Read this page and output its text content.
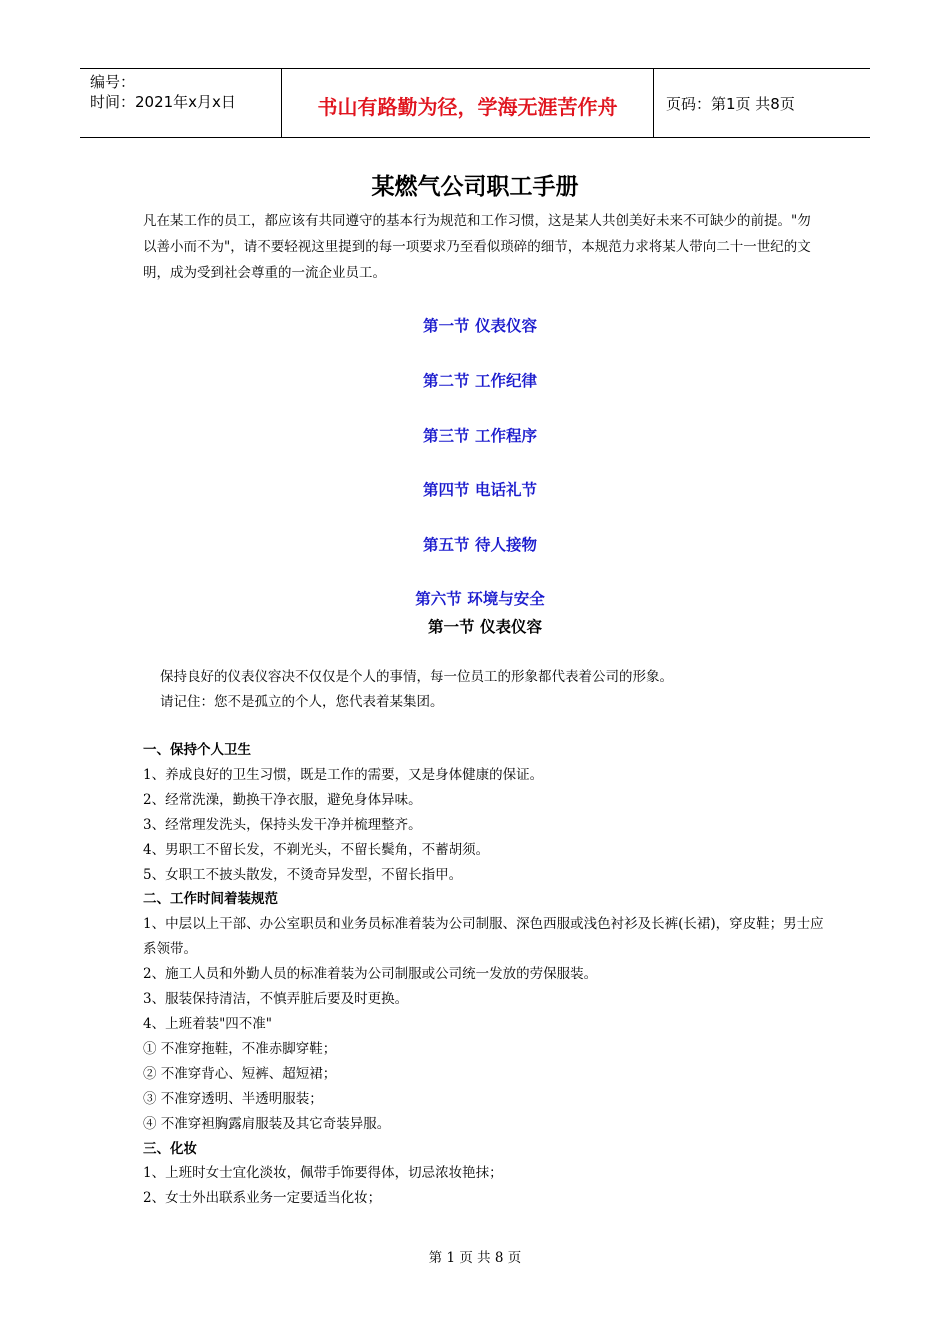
编号：
时间：2021年x月x日	书山有路勤为径，学海无涯苦作舟	页码：第1页 共8页
某燃气公司职工手册
凡在某工作的员工，都应该有共同遵守的基本行为规范和工作习惯，这是某人共创美好未来不可缺少的前提。"勿以善小而不为"，请不要轻视这里提到的每一项要求乃至看似琐碎的细节，本规范力求将某人带向二十一世纪的文明，成为受到社会尊重的一流企业员工。
第一节 仪表仪容
第二节 工作纪律
第三节 工作程序
第四节 电话礼节
第五节 待人接物
第六节 环境与安全
第一节 仪表仪容
保持良好的仪表仪容决不仅仅是个人的事情，每一位员工的形象都代表着公司的形象。
请记住：您不是孤立的个人，您代表着某集团。
一、保持个人卫生
1、养成良好的卫生习惯，既是工作的需要，又是身体健康的保证。
2、经常洗澡，勤换干净衣服，避免身体异味。
3、经常理发洗头，保持头发干净并梳理整齐。
4、男职工不留长发，不剃光头，不留长鬓角，不蓄胡须。
5、女职工不披头散发，不烫奇异发型，不留长指甲。
二、工作时间着装规范
1、中层以上干部、办公室职员和业务员标准着装为公司制服、深色西服或浅色衬衫及长裤(长裙)，穿皮鞋；男士应系领带。
2、施工人员和外勤人员的标准着装为公司制服或公司统一发放的劳保服装。
3、服装保持清洁，不慎弄脏后要及时更换。
4、上班着装"四不准"
① 不准穿拖鞋，不准赤脚穿鞋；
② 不准穿背心、短裤、超短裙；
③ 不准穿透明、半透明服装；
④ 不准穿袒胸露肩服装及其它奇装异服。
三、化妆
1、上班时女士宜化淡妆，佩带手饰要得体，切忌浓妆艳抹；
2、女士外出联系业务一定要适当化妆；
第 1 页 共 8 页
